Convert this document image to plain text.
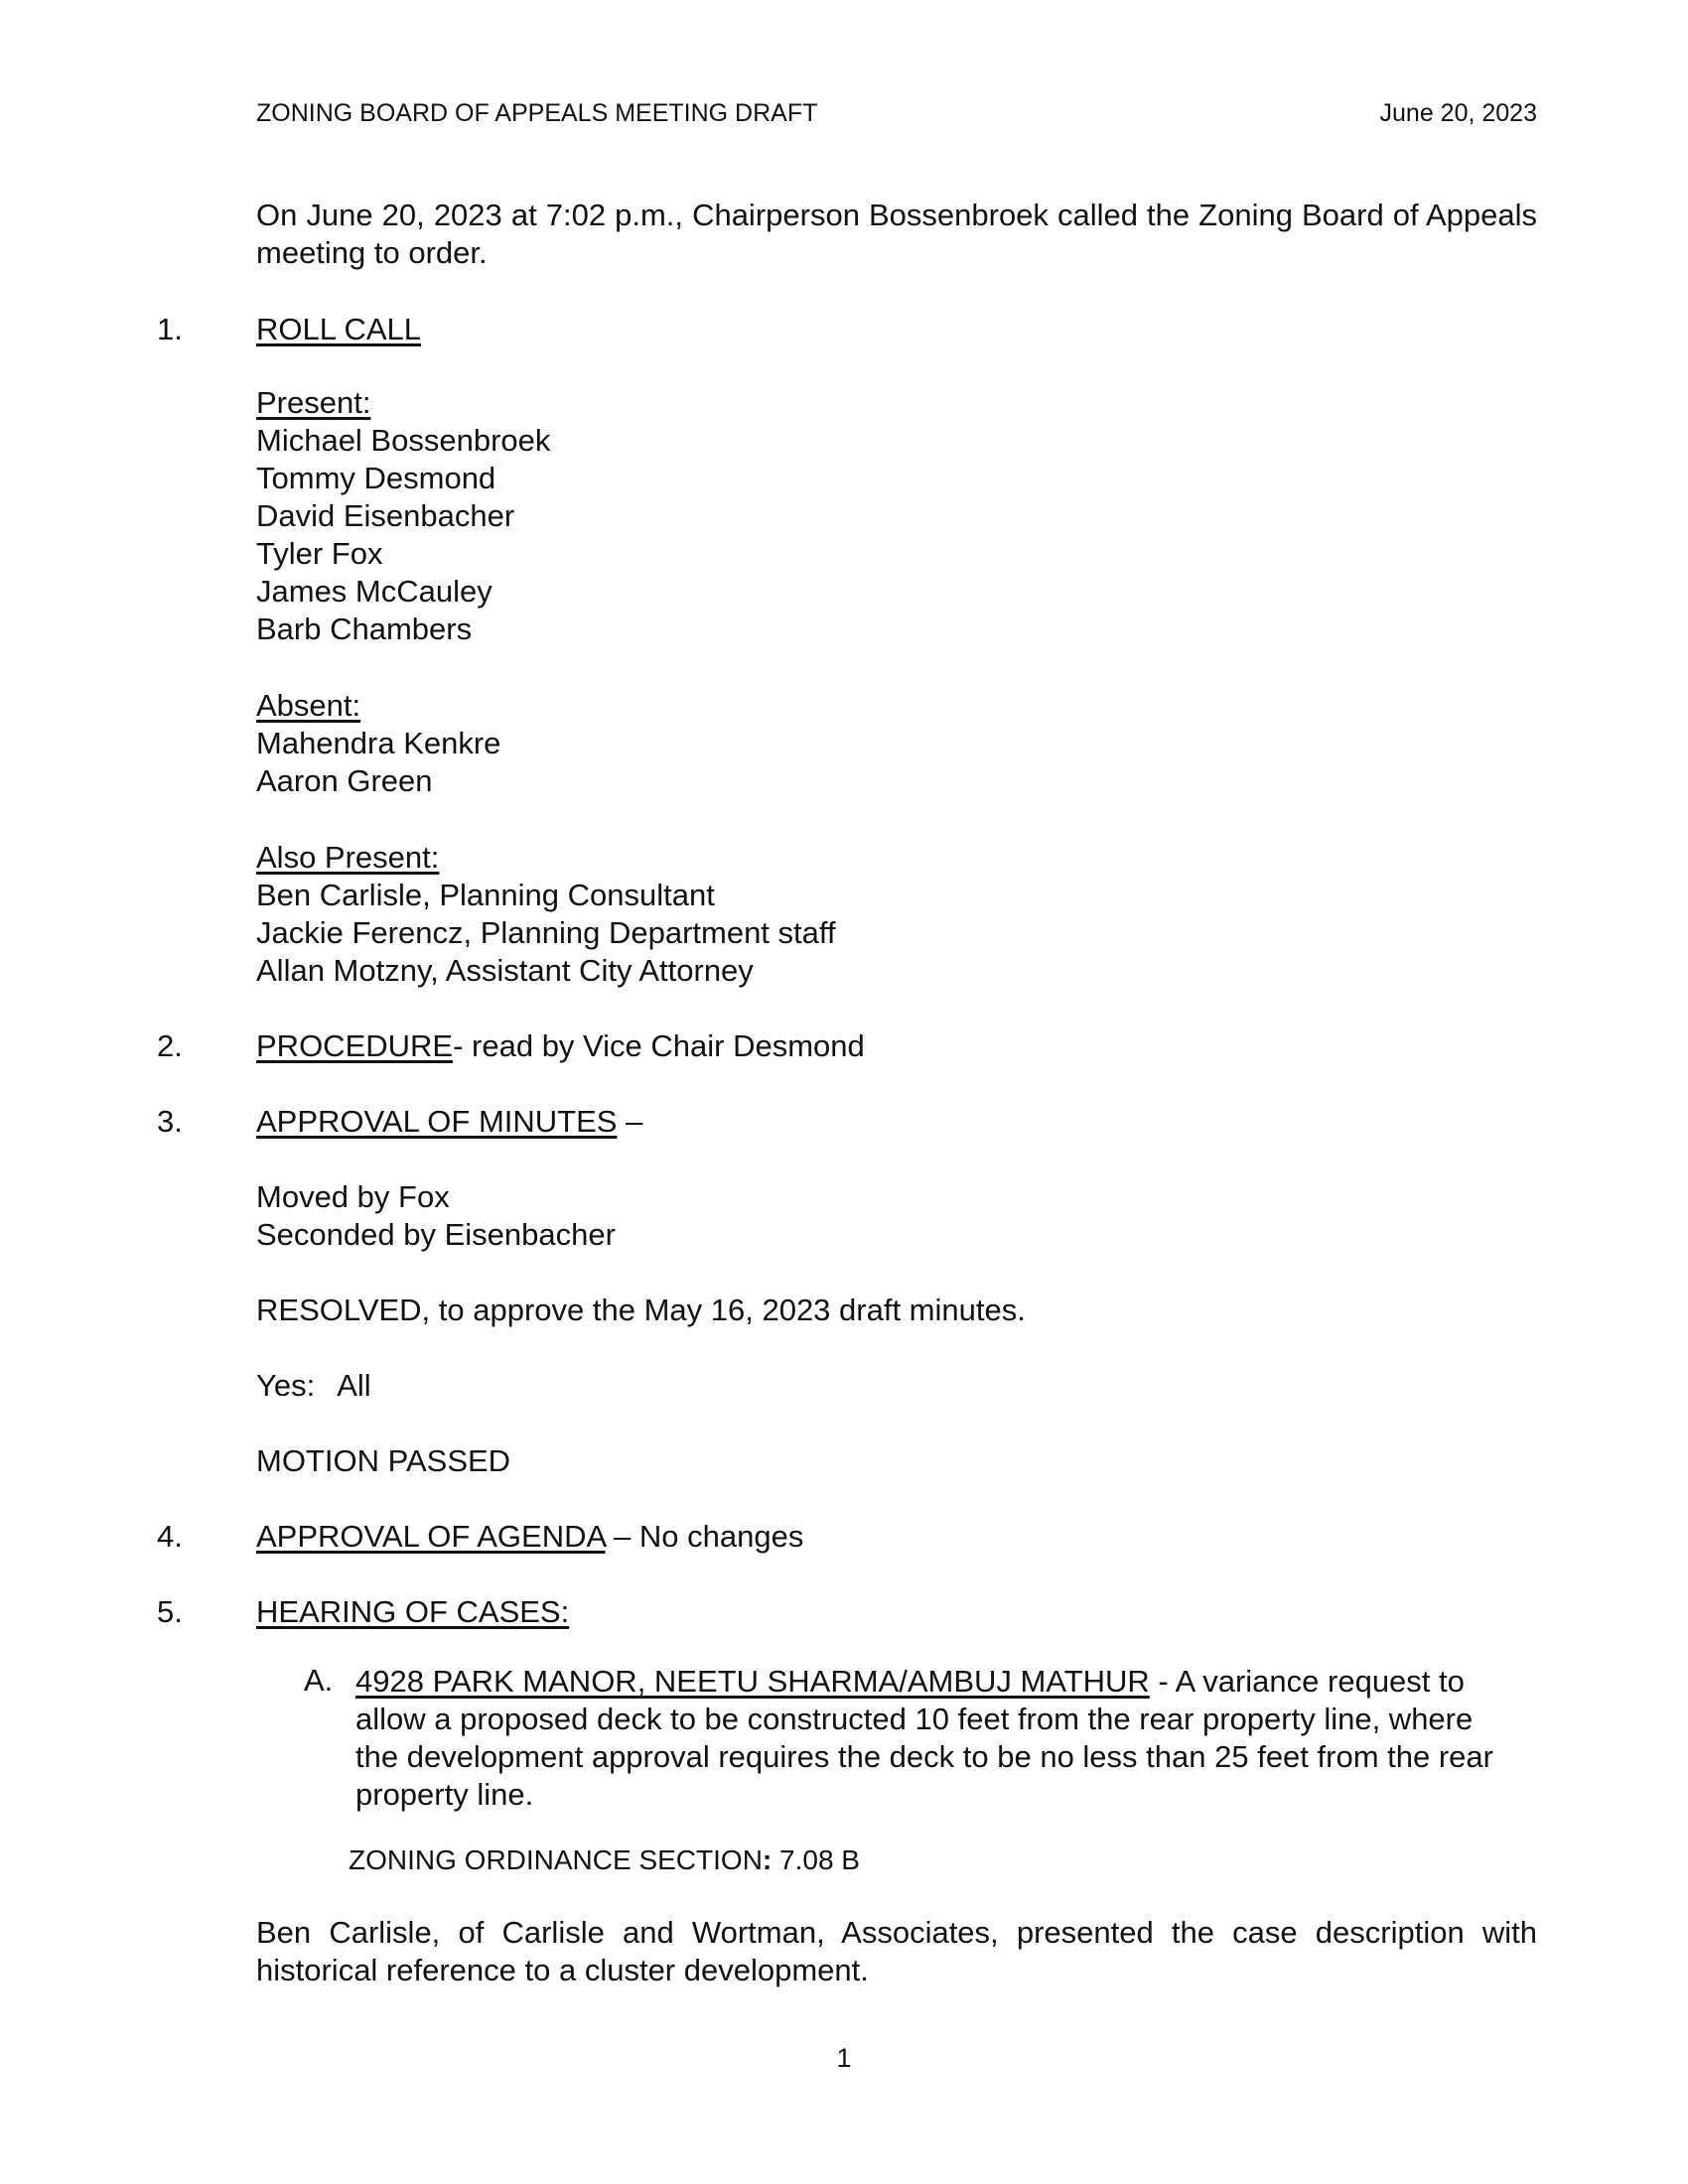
ZONING BOARD OF APPEALS MEETING DRAFT	June 20, 2023
On June 20, 2023 at 7:02 p.m., Chairperson Bossenbroek called the Zoning Board of Appeals meeting to order.
1. ROLL CALL
Present:
Michael Bossenbroek
Tommy Desmond
David Eisenbacher
Tyler Fox
James McCauley
Barb Chambers
Absent:
Mahendra Kenkre
Aaron Green
Also Present:
Ben Carlisle, Planning Consultant
Jackie Ferencz, Planning Department staff
Allan Motzny, Assistant City Attorney
2. PROCEDURE- read by Vice Chair Desmond
3. APPROVAL OF MINUTES –
Moved by Fox
Seconded by Eisenbacher
RESOLVED, to approve the May 16, 2023 draft minutes.
Yes: All
MOTION PASSED
4. APPROVAL OF AGENDA – No changes
5. HEARING OF CASES:
A. 4928 PARK MANOR, NEETU SHARMA/AMBUJ MATHUR - A variance request to allow a proposed deck to be constructed 10 feet from the rear property line, where the development approval requires the deck to be no less than 25 feet from the rear property line.
ZONING ORDINANCE SECTION: 7.08 B
Ben Carlisle, of Carlisle and Wortman, Associates, presented the case description with historical reference to a cluster development.
1
